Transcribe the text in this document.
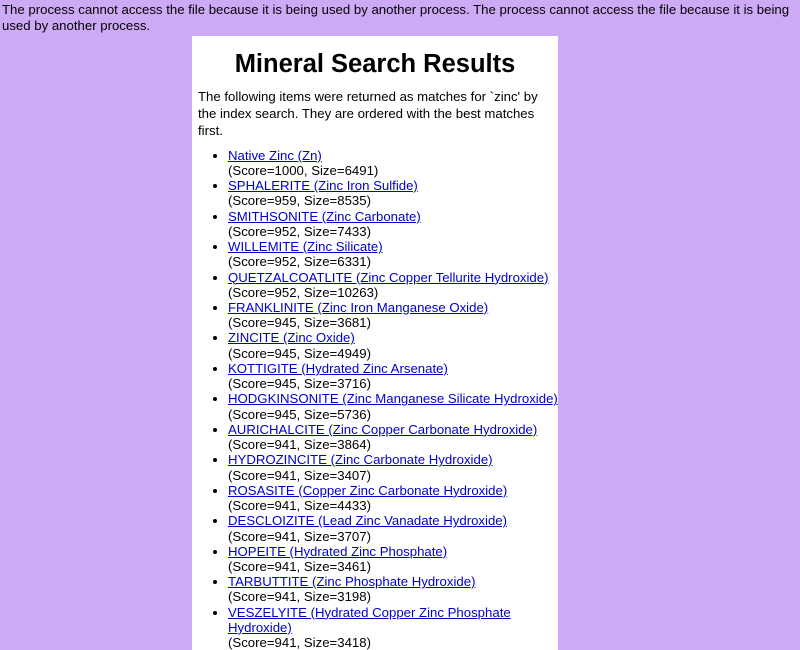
The process cannot access the file because it is being used by another process. The process cannot access the file because it is being used by another process.
Mineral Search Results

The following items were returned as matches for `zinc' by the index search. They are ordered with the best matches first.

• Native Zinc (Zn)
(Score=1000, Size=6491)
• SPHALERITE (Zinc Iron Sulfide)
(Score=959, Size=8535)
• SMITHSONITE (Zinc Carbonate)
(Score=952, Size=7433)
• WILLEMITE (Zinc Silicate)
(Score=952, Size=6331)
• QUETZALCOATLITE (Zinc Copper Tellurite Hydroxide)
(Score=952, Size=10263)
• FRANKLINITE (Zinc Iron Manganese Oxide)
(Score=945, Size=3681)
• ZINCITE (Zinc Oxide)
(Score=945, Size=4949)
• KOTTIGITE (Hydrated Zinc Arsenate)
(Score=945, Size=3716)
• HODGKINSONITE (Zinc Manganese Silicate Hydroxide)
(Score=945, Size=5736)
• AURICHALCITE (Zinc Copper Carbonate Hydroxide)
(Score=941, Size=3864)
• HYDROZINCITE (Zinc Carbonate Hydroxide)
(Score=941, Size=3407)
• ROSASITE (Copper Zinc Carbonate Hydroxide)
(Score=941, Size=4433)
• DESCLOIZITE (Lead Zinc Vanadate Hydroxide)
(Score=941, Size=3707)
• HOPEITE (Hydrated Zinc Phosphate)
(Score=941, Size=3461)
• TARBUTTITE (Zinc Phosphate Hydroxide)
(Score=941, Size=3198)
• VESZELYITE (Hydrated Copper Zinc Phosphate Hydroxide)
(Score=941, Size=3418)
